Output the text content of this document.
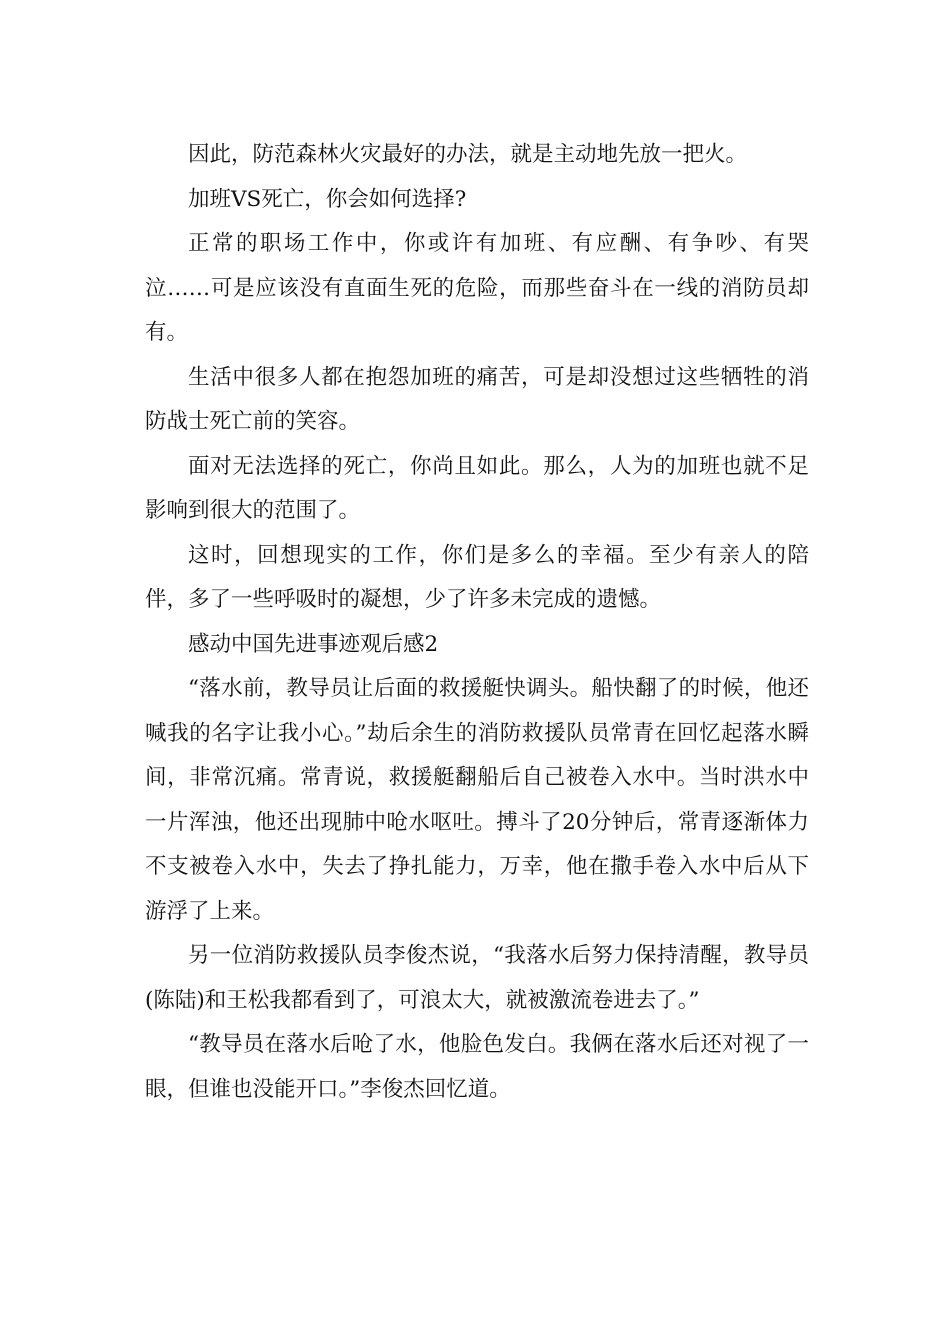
因此，防范森林火灾最好的办法，就是主动地先放一把火。

加班VS死亡，你会如何选择?

正常的职场工作中，你或许有加班、有应酬、有争吵、有哭泣……可是应该没有直面生死的危险，而那些奋斗在一线的消防员却有。

生活中很多人都在抱怨加班的痛苦，可是却没想过这些牺牲的消防战士死亡前的笑容。

面对无法选择的死亡，你尚且如此。那么，人为的加班也就不足影响到很大的范围了。

这时，回想现实的工作，你们是多么的幸福。至少有亲人的陪伴，多了一些呼吸时的凝想，少了许多未完成的遗憾。

感动中国先进事迹观后感2

“落水前，教导员让后面的救援艇快调头。船快翻了的时候，他还喊我的名字让我小心。”劫后余生的消防救援队员常青在回忆起落水瞬间，非常沉痛。常青说，救援艇翻船后自己被卷入水中。当时洪水中一片浑浊，他还出现肺中呛水呕吐。搏斗了20分钟后，常青逐渐体力不支被卷入水中，失去了挣扎能力，万幸，他在撒手卷入水中后从下游浮了上来。

另一位消防救援队员李俊杰说，“我落水后努力保持清醒，教导员(陈陆)和王松我都看到了，可浪太大，就被激流卷进去了。”

“教导员在落水后呛了水，他脸色发白。我俩在落水后还对视了一眼，但谁也没能开口。”李俊杰回忆道。
